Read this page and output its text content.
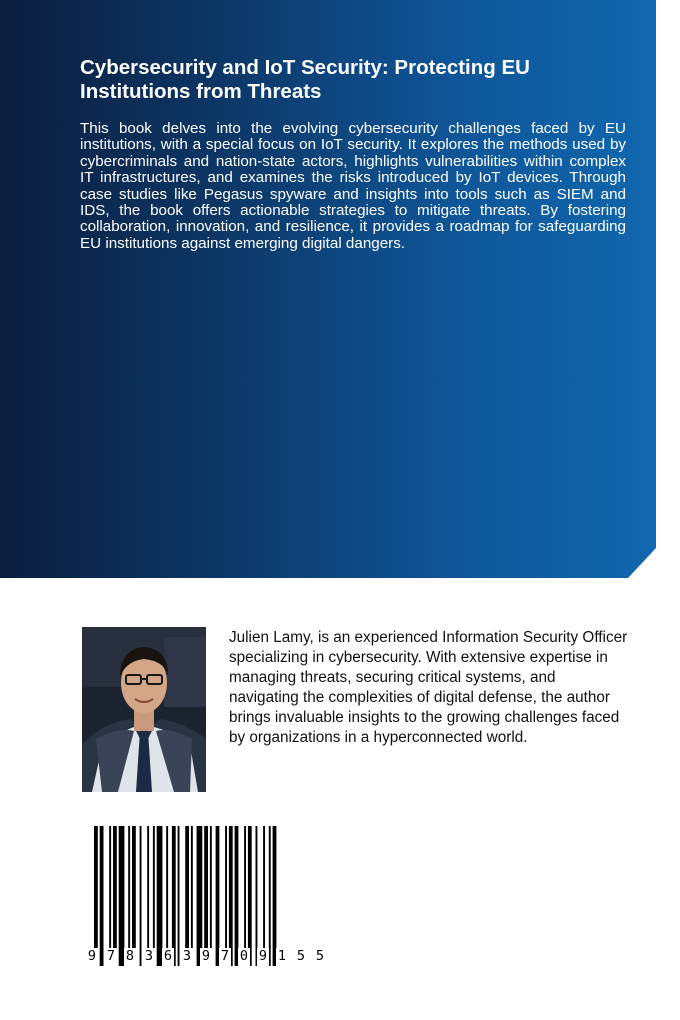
Cybersecurity and IoT Security: Protecting EU Institutions from Threats

This book delves into the evolving cybersecurity challenges faced by EU institutions, with a special focus on IoT security. It explores the methods used by cybercriminals and nation-state actors, highlights vulnerabilities within complex IT infrastructures, and examines the risks introduced by IoT devices. Through case studies like Pegasus spyware and insights into tools such as SIEM and IDS, the book offers actionable strategies to mitigate threats. By fostering collaboration, innovation, and resilience, it provides a roadmap for safeguarding EU institutions against emerging digital dangers.

Julien Lamy, is an experienced Information Security Officer specializing in cybersecurity. With extensive expertise in managing threats, securing critical systems, and navigating the complexities of digital defense, the author brings invaluable insights to the growing challenges faced by organizations in a hyperconnected world.

9 7 8 3 6 3 9 7 0 9 1 5 5
